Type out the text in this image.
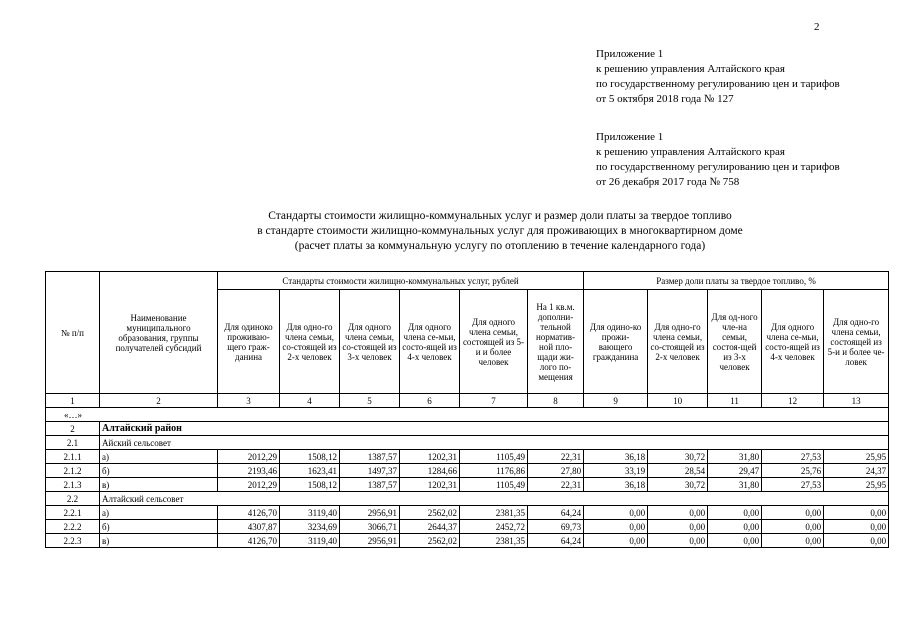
2
Приложение 1
к решению управления Алтайского края
по государственному регулированию цен и тарифов
от 5 октября 2018 года № 127
Приложение 1
к решению управления Алтайского края
по государственному регулированию цен и тарифов
от 26 декабря 2017 года № 758
Стандарты стоимости жилищно-коммунальных услуг и размер доли платы за твердое топливо
в стандарте стоимости жилищно-коммунальных услуг для проживающих в многоквартирном доме
(расчет платы за коммунальную услугу по отоплению в течение календарного года)
№ п/п	Наименование муниципального образования, группы получателей субсидий	Стандарты стоимости жилищно-коммунальных услуг, рублей						Размер доли платы за твердое топливо, %				
		Для одиноко проживаю-щего граж-данина	Для одно-го члена семьи, со-стоящей из 2-х человек	Для одного члена семьи, со-стоящей из 3-х человек	Для одного члена се-мьи, состо-ящей из 4-х человек	Для одного члена семьи, состоящей из 5-и и более человек	На 1 кв.м. дополни-тельной норматив-ной пло-щади жи-лого по-мещения	Для одино-ко прожи-вающего гражданина	Для одно-го члена семьи, со-стоящей из 2-х человек	Для од-ного чле-на семьи, состоя-щей из 3-х человек	Для одного члена се-мьи, состо-ящей из 4-х человек	Для одно-го члена семьи, состоящей из 5-и и более че-ловек
1	2	3	4	5	6	7	8	9	10	11	12	13
«…»												
2	Алтайский район											
2.1	Айский сельсовет											
2.1.1	а)	2012,29	1508,12	1387,57	1202,31	1105,49	22,31	36,18	30,72	31,80	27,53	25,95
2.1.2	б)	2193,46	1623,41	1497,37	1284,66	1176,86	27,80	33,19	28,54	29,47	25,76	24,37
2.1.3	в)	2012,29	1508,12	1387,57	1202,31	1105,49	22,31	36,18	30,72	31,80	27,53	25,95
2.2	Алтайский сельсовет											
2.2.1	а)	4126,70	3119,40	2956,91	2562,02	2381,35	64,24	0,00	0,00	0,00	0,00	0,00
2.2.2	б)	4307,87	3234,69	3066,71	2644,37	2452,72	69,73	0,00	0,00	0,00	0,00	0,00
2.2.3	в)	4126,70	3119,40	2956,91	2562,02	2381,35	64,24	0,00	0,00	0,00	0,00	0,00
